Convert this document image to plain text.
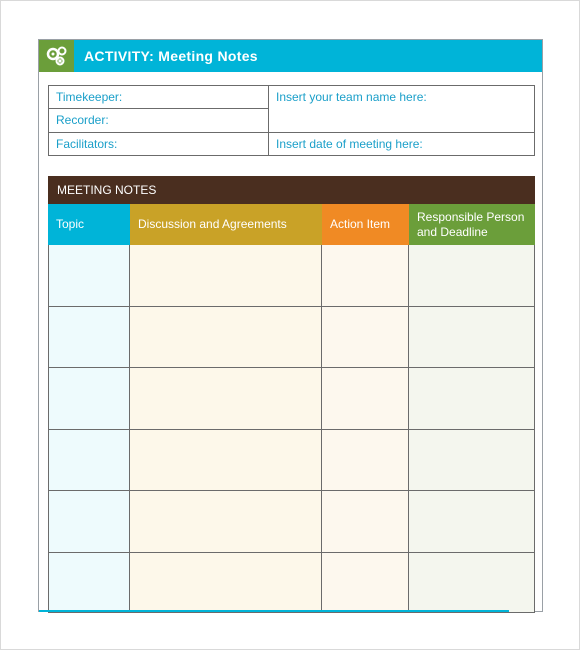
ACTIVITY: Meeting Notes
Timekeeper:
Recorder:
Facilitators:
Insert your team name here:
Insert date of meeting here:
MEETING NOTES
Topic	Discussion and Agreements	Action Item
Responsible Person and Deadline
